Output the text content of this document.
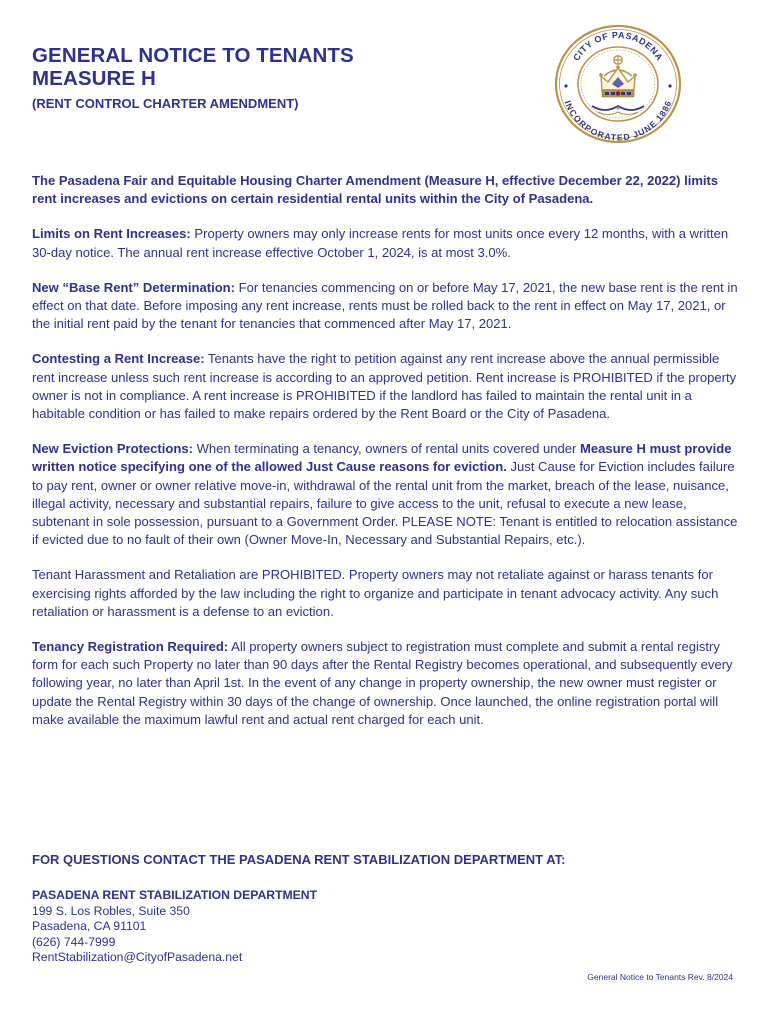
GENERAL NOTICE TO TENANTS
MEASURE H
(RENT CONTROL CHARTER AMENDMENT)
CITY OF PASADENA
INCORPORATED JUNE 1886

The Pasadena Fair and Equitable Housing Charter Amendment (Measure H, effective December 22, 2022) limits rent increases and evictions on certain residential rental units within the City of Pasadena.

Limits on Rent Increases: Property owners may only increase rents for most units once every 12 months, with a written 30-day notice. The annual rent increase effective October 1, 2024, is at most 3.0%.

New “Base Rent” Determination: For tenancies commencing on or before May 17, 2021, the new base rent is the rent in effect on that date. Before imposing any rent increase, rents must be rolled back to the rent in effect on May 17, 2021, or the initial rent paid by the tenant for tenancies that commenced after May 17, 2021.

Contesting a Rent Increase: Tenants have the right to petition against any rent increase above the annual permissible rent increase unless such rent increase is according to an approved petition. Rent increase is PROHIBITED if the property owner is not in compliance. A rent increase is PROHIBITED if the landlord has failed to maintain the rental unit in a habitable condition or has failed to make repairs ordered by the Rent Board or the City of Pasadena.

New Eviction Protections: When terminating a tenancy, owners of rental units covered under Measure H must provide written notice specifying one of the allowed Just Cause reasons for eviction. Just Cause for Eviction includes failure to pay rent, owner or owner relative move-in, withdrawal of the rental unit from the market, breach of the lease, nuisance, illegal activity, necessary and substantial repairs, failure to give access to the unit, refusal to execute a new lease, subtenant in sole possession, pursuant to a Government Order. PLEASE NOTE: Tenant is entitled to relocation assistance if evicted due to no fault of their own (Owner Move-In, Necessary and Substantial Repairs, etc.).

Tenant Harassment and Retaliation are PROHIBITED. Property owners may not retaliate against or harass tenants for exercising rights afforded by the law including the right to organize and participate in tenant advocacy activity. Any such retaliation or harassment is a defense to an eviction.

Tenancy Registration Required: All property owners subject to registration must complete and submit a rental registry form for each such Property no later than 90 days after the Rental Registry becomes operational, and subsequently every following year, no later than April 1st. In the event of any change in property ownership, the new owner must register or update the Rental Registry within 30 days of the change of ownership. Once launched, the online registration portal will make available the maximum lawful rent and actual rent charged for each unit.

FOR QUESTIONS CONTACT THE PASADENA RENT STABILIZATION DEPARTMENT AT:
PASADENA RENT STABILIZATION DEPARTMENT
199 S. Los Robles, Suite 350
Pasadena, CA 91101
(626) 744-7999
RentStabilization@CityofPasadena.net
General Notice to Tenants Rev. 8/2024
